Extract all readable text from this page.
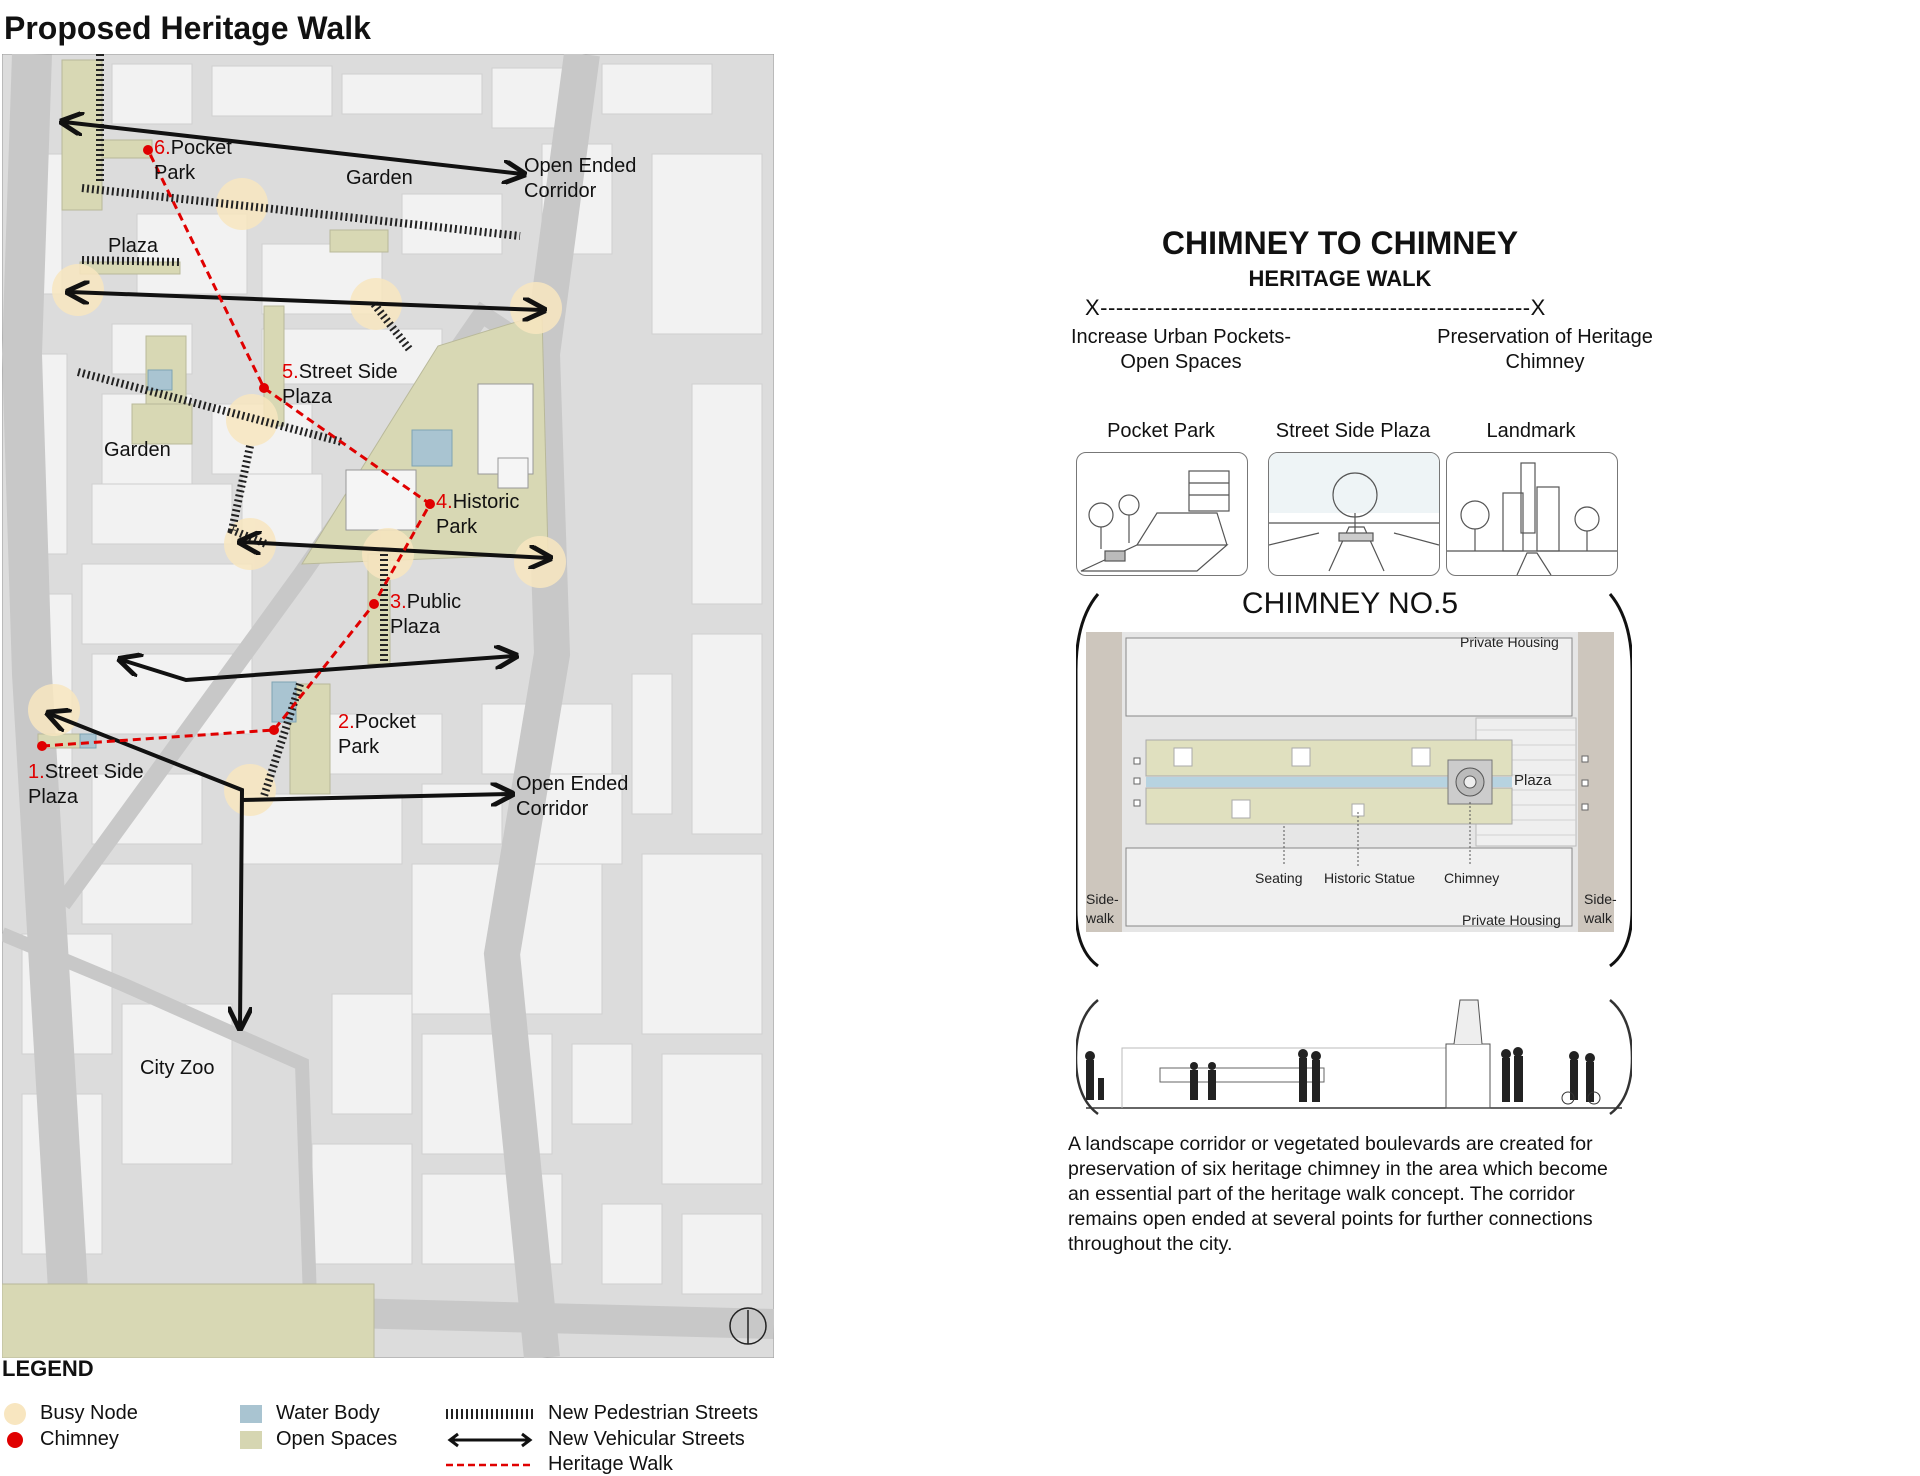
Proposed Heritage Walk
Open Ended
Corridor
Garden
Plaza
Garden
Open Ended
Corridor
City Zoo
1.Street Side
Plaza
2.Pocket
Park
3.Public
Plaza
4.Historic
Park
5.Street Side
Plaza
6.Pocket
Park
LEGEND
Busy Node
Chimney
Water Body
Open Spaces
New Pedestrian Streets
New Vehicular Streets
Heritage Walk
CHIMNEY TO CHIMNEY
HERITAGE WALK
X-------------------------------------------------------X
Increase Urban Pockets-
Open Spaces
Preservation of Heritage
Chimney
Pocket Park	Street Side Plaza	Landmark
CHIMNEY NO.5
Private Housing
Plaza
Seating Historic Statue Chimney
Side-
walk
Side-
walk
Private Housing
A landscape corridor or vegetated boulevards are created for preservation of six heritage chimney in the area which become an essential part of the heritage walk concept. The corridor remains open ended at several points for further connections throughout the city.
